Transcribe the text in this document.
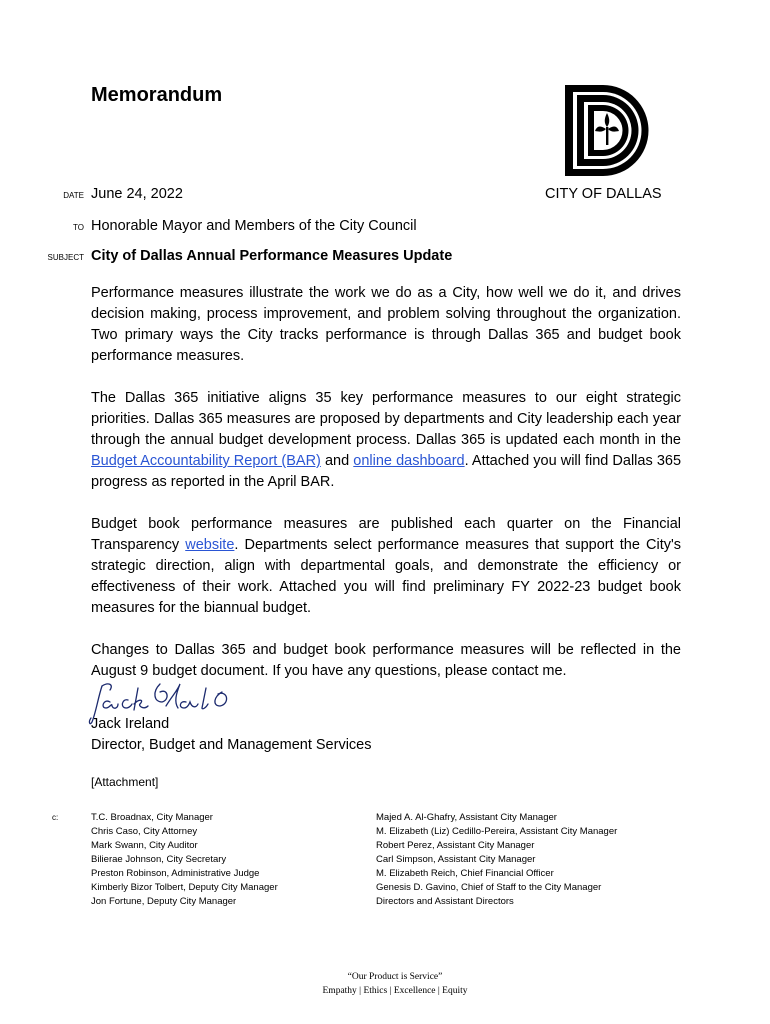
Memorandum
CITY OF DALLAS
DATE June 24, 2022
TO Honorable Mayor and Members of the City Council
SUBJECT City of Dallas Annual Performance Measures Update

Performance measures illustrate the work we do as a City, how well we do it, and drives decision making, process improvement, and problem solving throughout the organization. Two primary ways the City tracks performance is through Dallas 365 and budget book performance measures.

The Dallas 365 initiative aligns 35 key performance measures to our eight strategic priorities. Dallas 365 measures are proposed by departments and City leadership each year through the annual budget development process. Dallas 365 is updated each month in the Budget Accountability Report (BAR) and online dashboard. Attached you will find Dallas 365 progress as reported in the April BAR.

Budget book performance measures are published each quarter on the Financial Transparency website. Departments select performance measures that support the City's strategic direction, align with departmental goals, and demonstrate the efficiency or effectiveness of their work. Attached you will find preliminary FY 2022-23 budget book measures for the biannual budget.

Changes to Dallas 365 and budget book performance measures will be reflected in the August 9 budget document. If you have any questions, please contact me.

Jack Ireland
Director, Budget and Management Services
[Attachment]
c:	T.C. Broadnax, City Manager
Chris Caso, City Attorney
Mark Swann, City Auditor
Bilierae Johnson, City Secretary
Preston Robinson, Administrative Judge
Kimberly Bizor Tolbert, Deputy City Manager
Jon Fortune, Deputy City Manager
Majed A. Al-Ghafry, Assistant City Manager
M. Elizabeth (Liz) Cedillo-Pereira, Assistant City Manager
Robert Perez, Assistant City Manager
Carl Simpson, Assistant City Manager
M. Elizabeth Reich, Chief Financial Officer
Genesis D. Gavino, Chief of Staff to the City Manager
Directors and Assistant Directors
“Our Product is Service”
Empathy | Ethics | Excellence | Equity
